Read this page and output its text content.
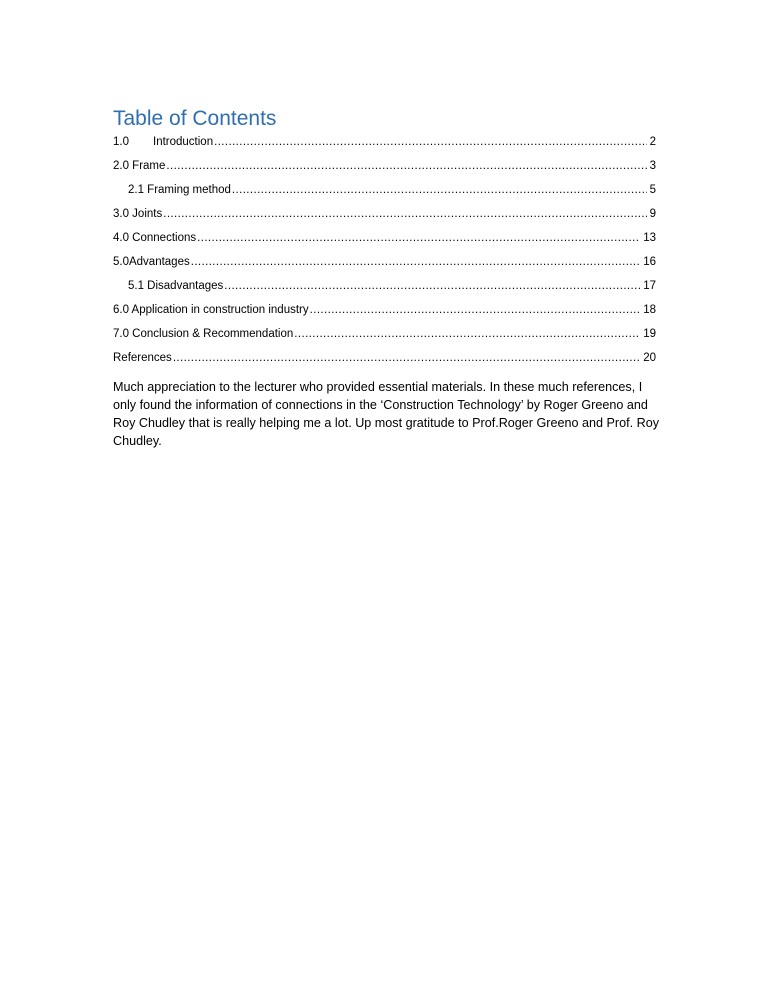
Table of Contents
1.0	Introduction .....	2
2.0 Frame .....	3
2.1 Framing method .....	5
3.0 Joints .....	9
4.0 Connections .....	13
5.0Advantages .....	16
5.1 Disadvantages .....	17
6.0 Application in construction industry .....	18
7.0 Conclusion & Recommendation .....	19
References .....	20

Much appreciation to the lecturer who provided essential materials. In these much references, I only found the information of connections in the ‘Construction Technology’ by Roger Greeno and Roy Chudley that is really helping me a lot. Up most gratitude to Prof.Roger Greeno and Prof. Roy Chudley.
